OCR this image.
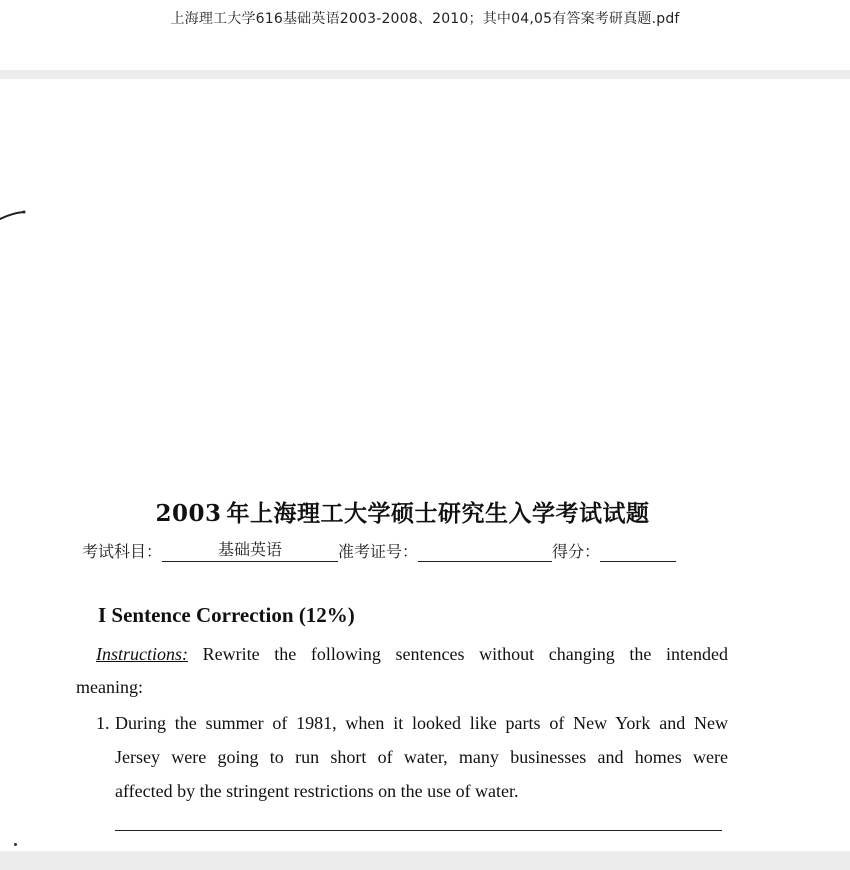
上海理工大学616基础英语2003-2008、2010；其中04,05有答案考研真题.pdf
2003 年上海理工大学硕士研究生入学考试试题
考试科目：	基础英语	准考证号：	得分：
I Sentence Correction (12%)
Instructions: Rewrite the following sentences without changing the intended
meaning:
1. During the summer of 1981, when it looked like parts of New York and New
Jersey were going to run short of water, many businesses and homes were
affected by the stringent restrictions on the use of water.
